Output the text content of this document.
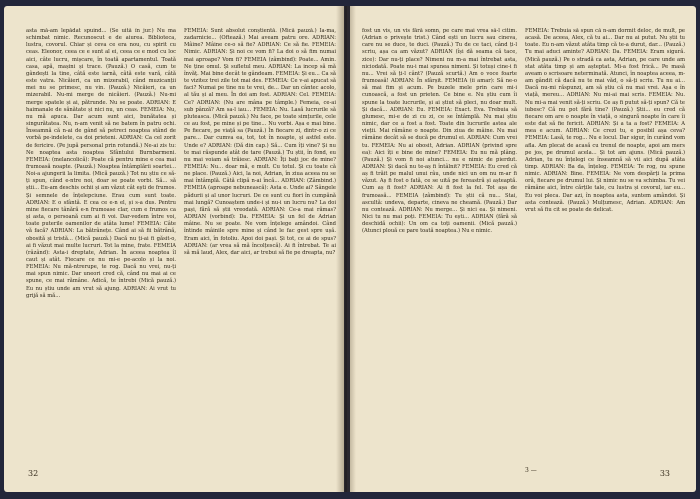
asta mă-am lepădat spuind... (Se uită în jur.) Nu ma schimbat nimic. Recunoscut e de aiurea. Biblioteca, lustra, covorul. Chiar și ceva ce era nou, cu spirit cu ceas. Eleonor, ceea ce e sunt al ei, ceea ce e mod cu loc aici, câte lucru, mișcare, în toată apartamentul. Toată casa, apă, mașini și trace. (Pauză.) O casă, cum te gândești la tine, câtă este iarnă, câtă este vară, câtă este vatra. Nicăieri, ca un mizerabil, când muzicanții mei nu se primesc, nu vin. (Pauză.) Nicăieri, ca un mizerabil. Nu-mi merge de nicăieri. (Pauză.) Nu-mi merge spatele și ai, pătrunde. Nu se poate. ADRIAN: E haimanale de sănătate și nici nu, un ceas. FEMEIA: Nu, nu mă apuca. Dar acum sunt aici, bunătatea și singurătatea. Nu, n-am venit să ne batem în patru ochi. Înseamnă că n-ai de gând să petreci noaptea stând de vorbă pe-indelete, ca doi prieteni. ADRIAN: Ca cel zorit de fericire. (Pe jupă personal prin rotundă.) Ne-ai zis tu: Ne noaptea asta noaptea Sfântului Burnbarmeni. FEMEIA: (melancolică): Poate că pentru mine e cea mai frumoasă noapte. (Pauză.) Noaptea întâmplării soartei... Noi-a ajungerii la limita. (Mică pauză.) Tot nu știu ce să-ți spun, când e-ntre noi, doar se poate vorbi. Să... să știi... Eu-am deschis ochii și am văzut cât ești de frumos. Și semnele de înțelepciune. Erau cum sunt toate. ADRIAN: E o sfântă. E cea ce e-n el, și s-a dus. Pentru mine fiecare tânără e-n frumoase clar, cum e frumos ca și asta, o persoană cum ai fi voi. Dar-vedem între voi, toate puterile oamenilor de atâta lume! FEMEIA: Câte vă facă? ADRIAN: La bătrânețe. Când ai să fii bătrână, obosită și tristă... (Mică pauză.) Dacă nu ți-ai fi găsit-o, ai fi văzut mai multe lucruri. Tot la mine, frate. FEMEIA (râzând): Asta-i dreptate, Adrian. În aceea noaptea îl caut și atât. Fiecare ce nu mi-e pe-acolo și la noi. FEMEIA: Nu mă-ntrerupe, te rog. Dacă nu vrei, nu-ți mai spun nimic. Dar uneori cred că, când nu mai ai ce spune, ce mai rămâne. Adică, te întrebi (Mică pauză.) Eu nu știu unde am vrut să ajung. ADRIAN: Ai vrut tu grijă să mă...

FEMEIA: Sunt absolut conștientă. (Mică pauză.) Ia-ma, zadarnicie... (Oftează.) Mai aveam patru ore. ADRIAN: Mâine? Mâine ce-o să fie? ADRIAN: Ce să fie. FEMEIA: Nimic. ADRIAN: Și noi ce vom fi? La doi o să fim numai mai aproape? Vom fi? FEMEIA (zâmbind): Poate... Amin. Ne ține omul. Și sufletul meu. ADRIAN: La incep să mă învăț. Mai bine decât te gândeam. FEMEIA: Și eu... Ca să te vizitez trei zile tot mai des. FEMEIA: Ce v-ai apucat să faci? Numai pe tine nu te vrei, de... Dar un cântec acolo, al tău și al meu. În doi am fost. ADRIAN: Cel. FEMEIA: Ce? ADRIAN: (Nu are mâna pe tâmple.) Femeia, ce-ai sub pânză? Am sa-l iau... FEMEIA: Nu. Lasă lucrurile să pluteasca. (Mică pauză.) Nu face, pe toate simțurile, cele ce au fost, pe mine și pe tine... Nu vorbi. Așa e mai bine. Pe fiecare, pe viață sa (Pauză.) În fiecare zi, dintr-o zi ce pare... Dar cumva ea, tot, tot în noapte, și astfel este. Unde e? ADRIAN: (Dă din cap.) Să... Cum îți vine? Și nu te mai răspunde atât de tare (Pauză.) Tu știi, în fond, eu nu mai voiam să trăiesc. ADRIAN: Îți bați joc de mine? FEMEIA: Nu... doar mă, e mult. Cu totul. Și cu toate că ne place. (Pauză.) Aici, la noi, Adrian, în ziua aceea nu se mai întâmplă. Câtă clipă n-ai încă... ADRIAN: (Zâmbind.) FEMEIA (aproape nebunească): Asta e. Unde ai? Sângele pădurii și al unor lucruri. De ce sunt cu fiori în cumpănă mai lungă? Cunoaștem unde-i și nu-i un lucru nu? La doi pași, fără să știi vreodată. ADRIAN: Ce-a mai rămas? ADRIAN (vorbind): Da. FEMEIA: Și un fel de Adrian mâine. Nu se poate. Ne vom înțelege amândoi. Când întinde mâinile spre mine și când le fac gest spre ușă. Eram aici, în fotoliu. Apoi doi pași. Și tot, ce ai de spus? ADRIAN: (ar vrea să mă încolțescă). Ai fi întrebat. Te ai să mă laud, Alex, dar aici, ar trebui să fie pe dreapta, nu?

32

fost un vis, un vis fără somn, pe care mai vrea să-l citim. (Adrian o privește trist.) Când ești un lucru sau cineva, care nu se duce, te duci. (Pauză.) Tu de ce taci, când ți-l scriu, așa ca am văzut? ADRIAN (își dă seama că tace, zice): Dar nu-ți place? Nimeni nu m-a mai întrebat asta, niciodată. Poate nu-i mai spunea nimeni. Și totuși cine-i fi nu... Vrei să ți-l cânt? (Pauză scurtă.) Am o voce foarte frumoasă! ADRIAN: În sfârșit. FEMEIA (ii amar): Să ne-o să mai fim și acum. Pe buzele mele prin care mi-i cunoască, a fost un prieten. Ce bine e. Nu știu cum îi spune la toate lucrurile, și ai știut să pleci, nu doar mult. Și dacă... ADRIAN: Eu. FEMEIA: Exact. Eva. Trebuia să glumesc, mi-e de zi cu zi, ce se întâmplă. Nu mai știu nimic, dar ce a fost a fost. Toate din lucrurile astea ale vieții. Mai rămâne o noapte. Din ziua de mâine. Nu mai rămâne decât să se ducă pe drumul ei. ADRIAN: Cum vrei tu. FEMEIA: Nu ai obosit, Adrian. ADRIAN (privind spre ea): Aici îți e bine de mine? FEMEIA: Eu nu mă plâng. (Pauză.) Și vom fi noi atunci... nu e nimic de pierdut. ADRIAN: Și dacă nu te-aș fi întâlnit? FEMEIA: Eu cred că aș fi trăit pe malul unui râu, unde nici un om nu m-ar fi văzut. Aș fi fost o fată, ce se uită pe fereastră și așteaptă. Cum aș fi fost? ADRIAN: Ai fi fost la fel. Tot așa de frumoasă... FEMEIA (zâmbind): Tu știi că nu... Stai, ascultă: undeva, departe, cineva ne cheamă. (Pauză.) Dar nu contează. ADRIAN: Nu merge... Și nici ea. Și nimeni. Nici tu nu mai poți. FEMEIA: Tu ești... ADRIAN (fără să deschidă ochii): Un om ca toți oamenii. (Mică pauză.) (Atunci plouă ce pare toată noaptea.) Nu e nimic.

FEMEIA: Trebuia să spun că n-am dormit deloc, de mult, pe acasă. De aceea, Alex, că tu ai... Dar nu ai putut. Nu știi tu toate. Eu n-am văzut atâta timp că te-a durut, dar... (Pauză.) Tu mai aduci aminte? ADRIAN: Da. FEMEIA: Eram sigură. (Mică pauză.) Pe o stradă ca asta, Adrian, pe care unde am stat atâta timp și am așteptat. Mi-a fost frică... Pe masă aveam o scrisoare neterminată. Atunci, în noaptea aceea, m-am gândit că dacă nu te mai văd, o să-ți scriu. Tu nu ai... Dacă nu-mi răspunzi, am să știu că nu mai vrei. Așa e în viață, mereu... ADRIAN: Nu mi-ai mai scris. FEMEIA: Nu. Nu mi-a mai venit să-ți scriu. Ce aș fi putut să-ți spun? Că te iubesc? Că nu pot fără tine? (Pauză.) Știi... eu cred că fiecare om are o noapte în viață, o singură noapte în care îi este dat să fie fericit. ADRIAN: Și a ta a fost? FEMEIA: A mea e acum. ADRIAN: Ce crezi tu, e posibil așa ceva? FEMEIA: Lasă, te rog... Nu e locul. Dar sigur, în curând vom afla. Am plecat de acasă cu trenul de noapte, apoi am mers pe jos, pe drumul acela... Și tot am ajuns. (Mică pauză.) Adrian, tu nu înțelegi ce înseamnă să vii aici după atâta timp. ADRIAN: Ba da, înțeleg. FEMEIA: Te rog, nu spune nimic. ADRIAN: Bine. FEMEIA: Ne vom despărți la prima oră, fiecare pe drumul lui. Și nimic nu se va schimba. Tu vei rămâne aici, între cărțile tale, cu lustra și covorul, iar eu... Eu voi pleca. Dar azi, în noaptea asta, suntem amândoi. Și asta contează. (Pauză.) Mulțumesc, Adrian. ADRIAN: Am vrut să fiu cit se poate de delicat.

3 —	33
